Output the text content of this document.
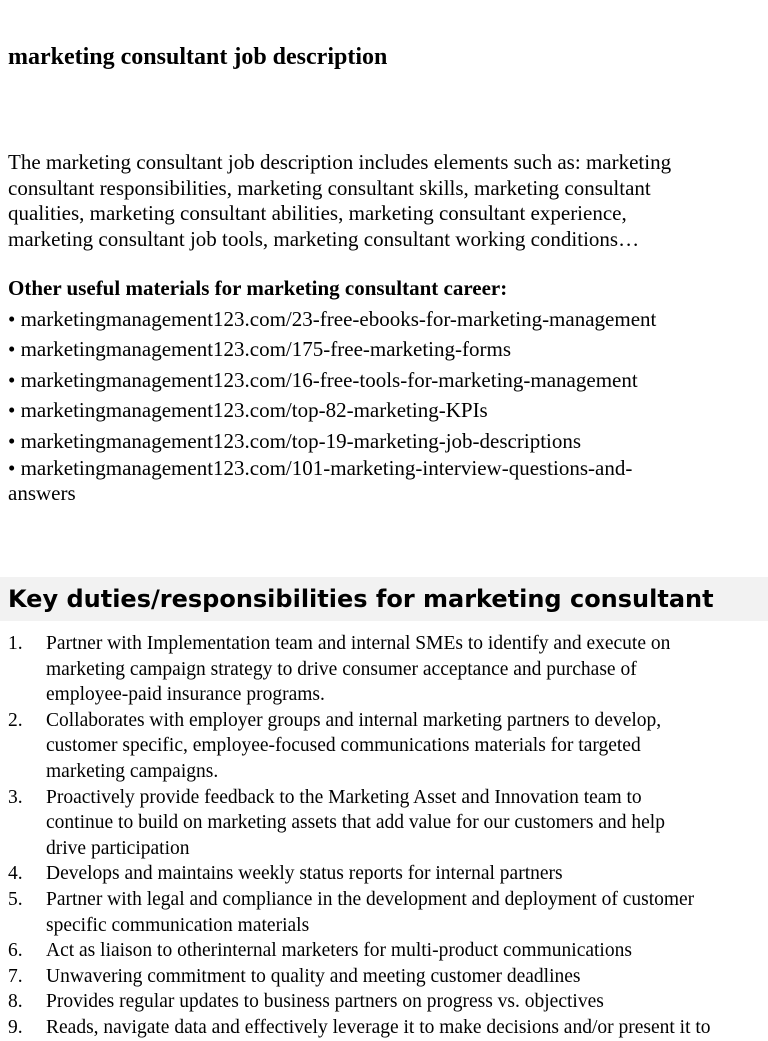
marketing consultant job description

The marketing consultant job description includes elements such as: marketing
consultant responsibilities, marketing consultant skills, marketing consultant
qualities, marketing consultant abilities, marketing consultant experience,
marketing consultant job tools, marketing consultant working conditions…

Other useful materials for marketing consultant career:
• marketingmanagement123.com/23-free-ebooks-for-marketing-management
• marketingmanagement123.com/175-free-marketing-forms
• marketingmanagement123.com/16-free-tools-for-marketing-management
• marketingmanagement123.com/top-82-marketing-KPIs
• marketingmanagement123.com/top-19-marketing-job-descriptions
• marketingmanagement123.com/101-marketing-interview-questions-and-
answers
Key duties/responsibilities for marketing consultant
1. Partner with Implementation team and internal SMEs to identify and execute on
marketing campaign strategy to drive consumer acceptance and purchase of
employee-paid insurance programs.
2. Collaborates with employer groups and internal marketing partners to develop,
customer specific, employee-focused communications materials for targeted
marketing campaigns.
3. Proactively provide feedback to the Marketing Asset and Innovation team to
continue to build on marketing assets that add value for our customers and help
drive participation
4. Develops and maintains weekly status reports for internal partners
5. Partner with legal and compliance in the development and deployment of customer
specific communication materials
6. Act as liaison to otherinternal marketers for multi-product communications
7. Unwavering commitment to quality and meeting customer deadlines
8. Provides regular updates to business partners on progress vs. objectives
9. Reads, navigate data and effectively leverage it to make decisions and/or present it to
